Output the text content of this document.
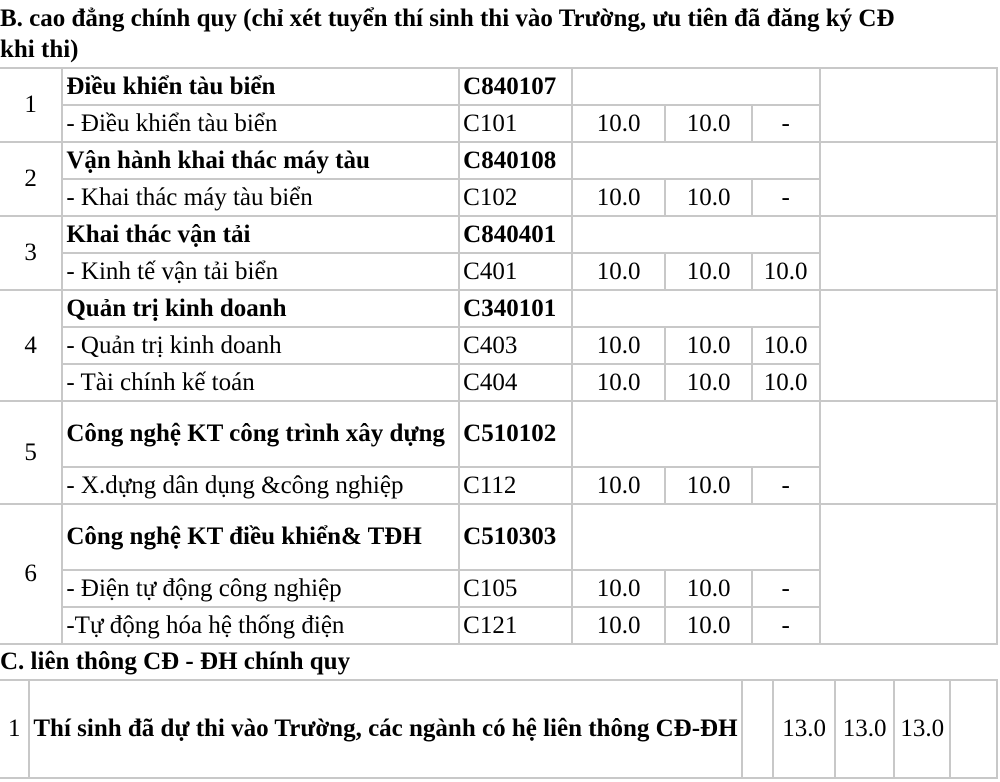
B. cao đẳng chính quy (chỉ xét tuyển thí sinh thi vào Trường, ưu tiên đã đăng ký CĐ
khi thi)
1	Điều khiển tàu biển	C840107				
	- Điều khiển tàu biển	C101	10.0	10.0	-	
2	Vận hành khai thác máy tàu	C840108				
	- Khai thác máy tàu biển	C102	10.0	10.0	-	
3	Khai thác vận tải	C840401				
	- Kinh tế vận tải biển	C401	10.0	10.0	10.0	
4	Quản trị kinh doanh	C340101				
	- Quản trị kinh doanh	C403	10.0	10.0	10.0	
	- Tài chính kế toán	C404	10.0	10.0	10.0	
5	Công nghệ KT công trình xây dựng	C510102				
	- X.dựng dân dụng &công nghiệp	C112	10.0	10.0	-	
6	Công nghệ KT điều khiển& TĐH	C510303				
	- Điện tự động công nghiệp	C105	10.0	10.0	-	
	-Tự động hóa hệ thống điện	C121	10.0	10.0	-	
C. liên thông CĐ - ĐH chính quy
1	Thí sinh đã dự thi vào Trường, các ngành có hệ liên thông CĐ-ĐH		13.0	13.0	13.0	
